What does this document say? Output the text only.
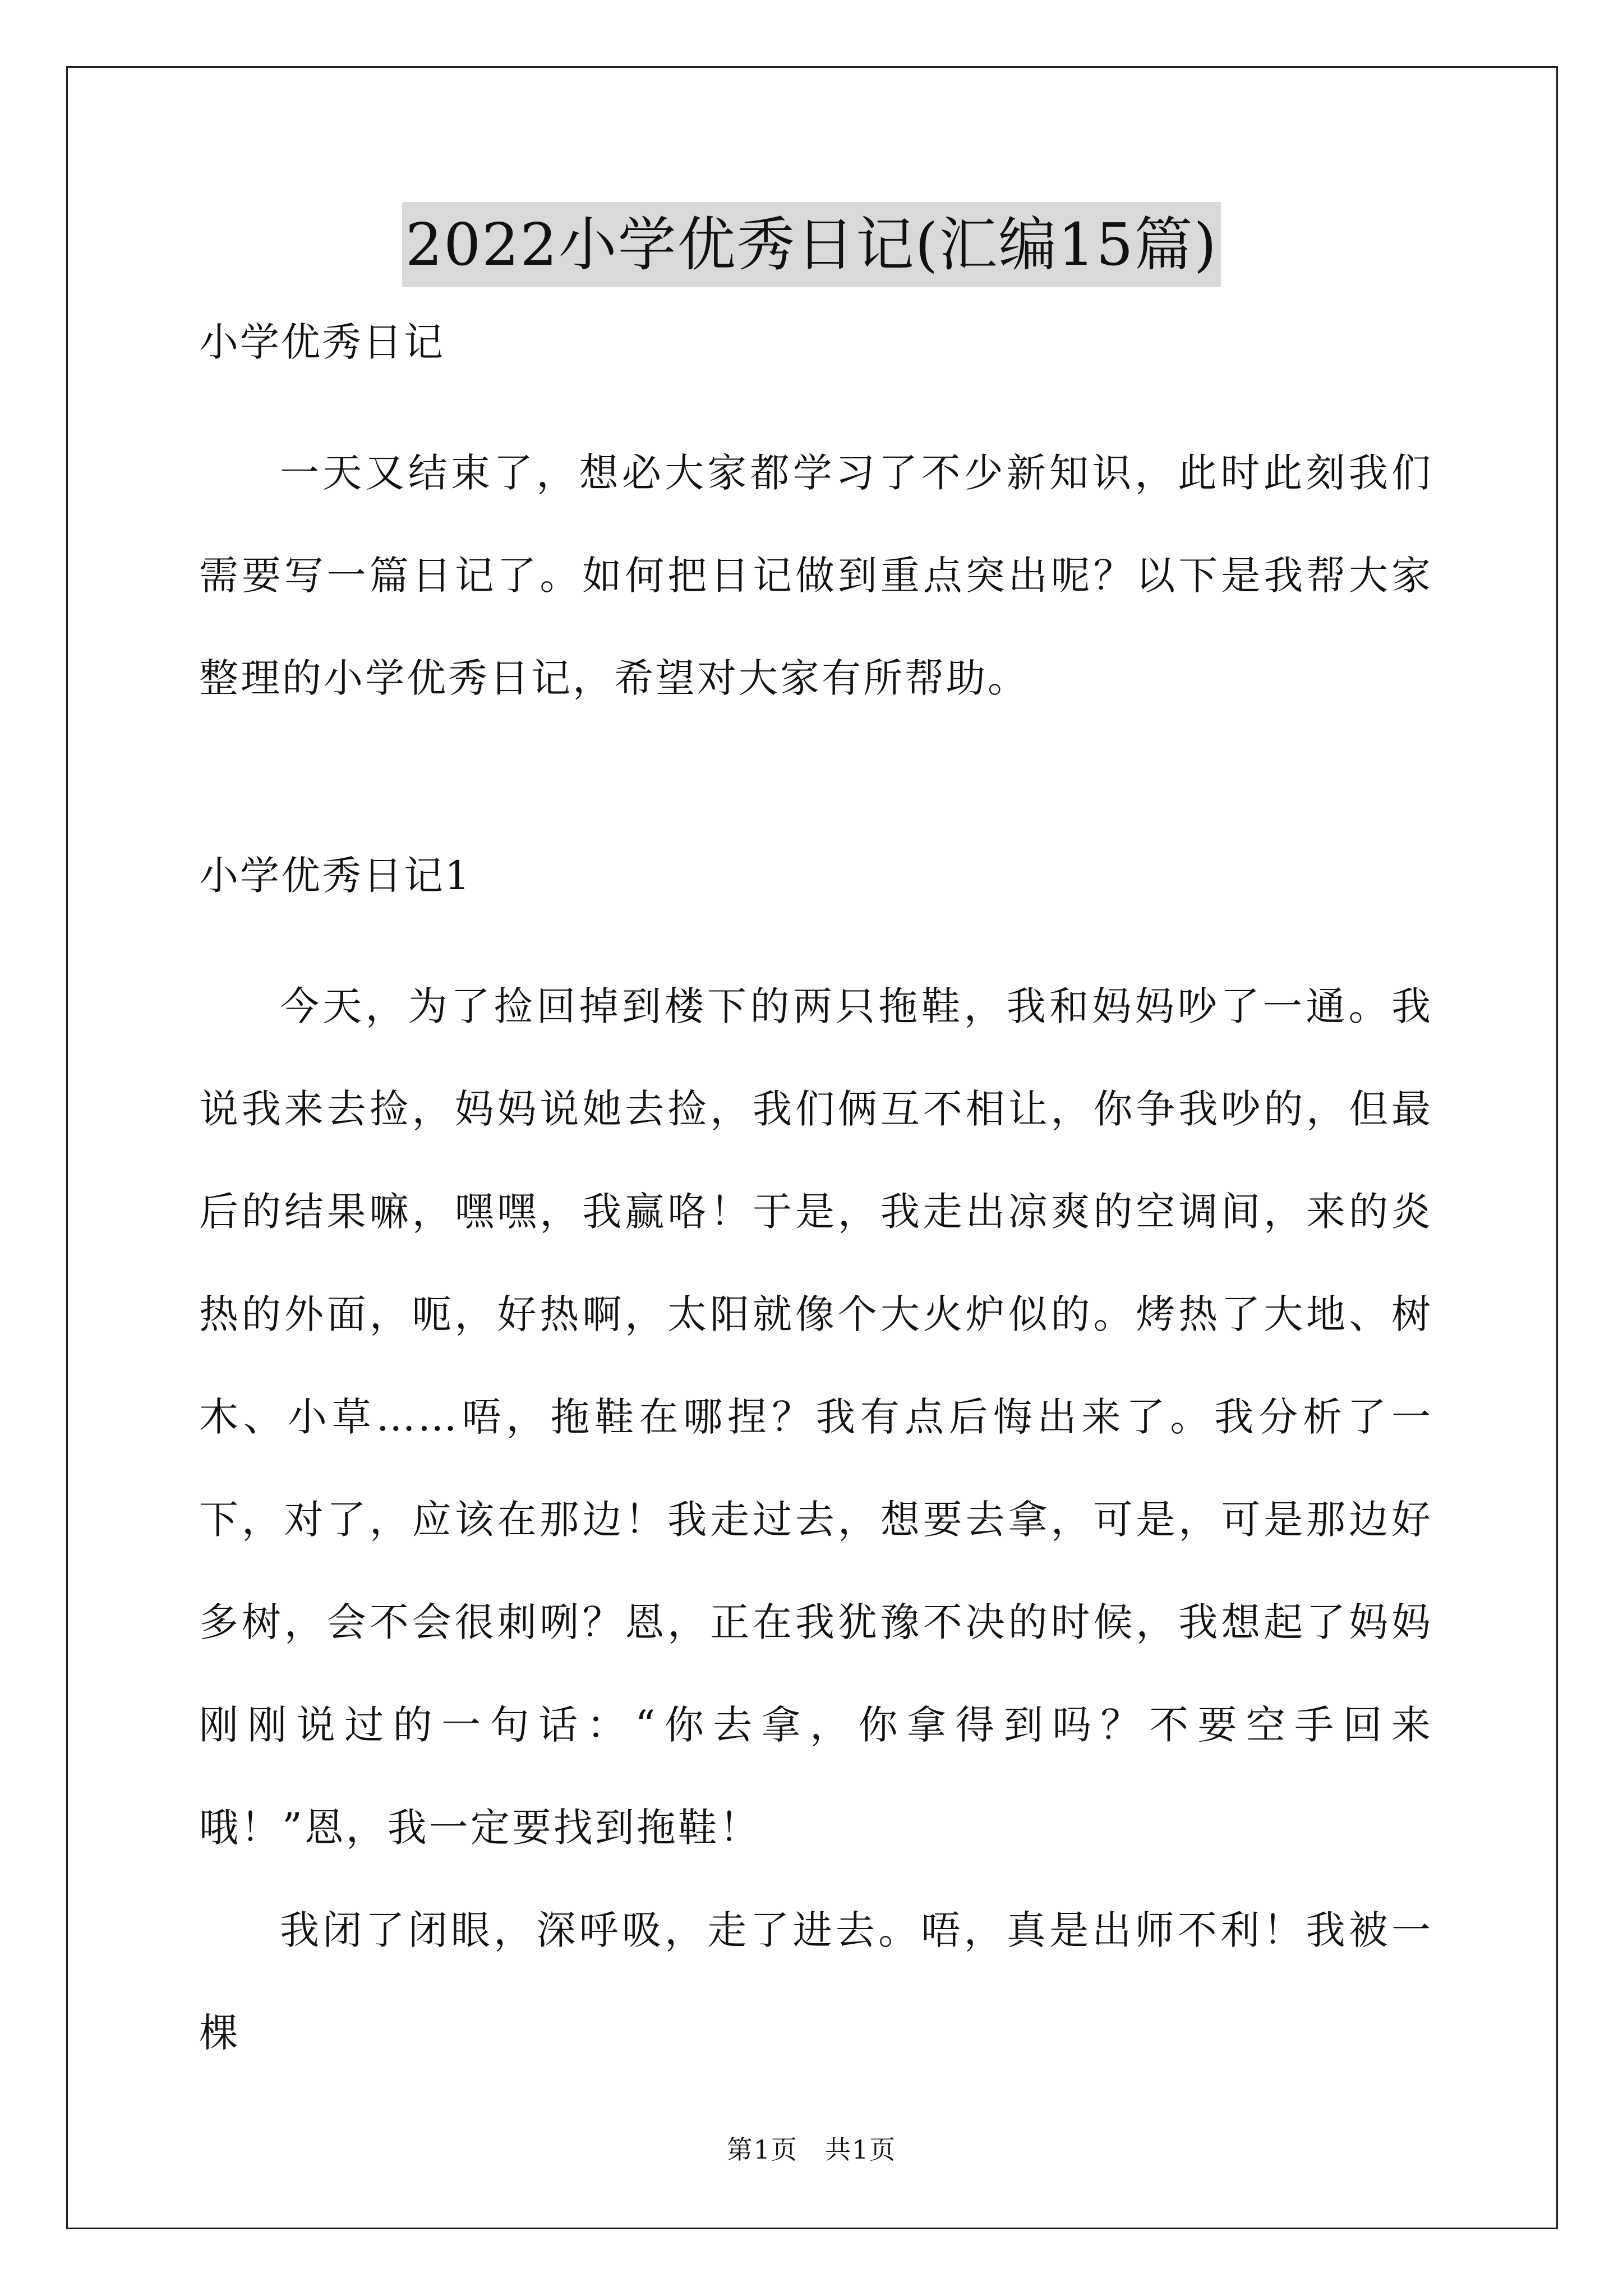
2022小学优秀日记(汇编15篇)
小学优秀日记

一天又结束了，想必大家都学习了不少新知识，此时此刻我们需要写一篇日记了。如何把日记做到重点突出呢？以下是我帮大家整理的小学优秀日记，希望对大家有所帮助。

小学优秀日记1

今天，为了捡回掉到楼下的两只拖鞋，我和妈妈吵了一通。我说我来去捡，妈妈说她去捡，我们俩互不相让，你争我吵的，但最后的结果嘛，嘿嘿，我赢咯！于是，我走出凉爽的空调间，来的炎热的外面，呃，好热啊，太阳就像个大火炉似的。烤热了大地、树木、小草……唔，拖鞋在哪捏？我有点后悔出来了。我分析了一下，对了，应该在那边！我走过去，想要去拿，可是，可是那边好多树，会不会很刺咧？恩，正在我犹豫不决的时候，我想起了妈妈刚刚说过的一句话：“你去拿，你拿得到吗？不要空手回来哦！”恩，我一定要找到拖鞋！

我闭了闭眼，深呼吸，走了进去。唔，真是出师不利！我被一棵

第1页　共1页
